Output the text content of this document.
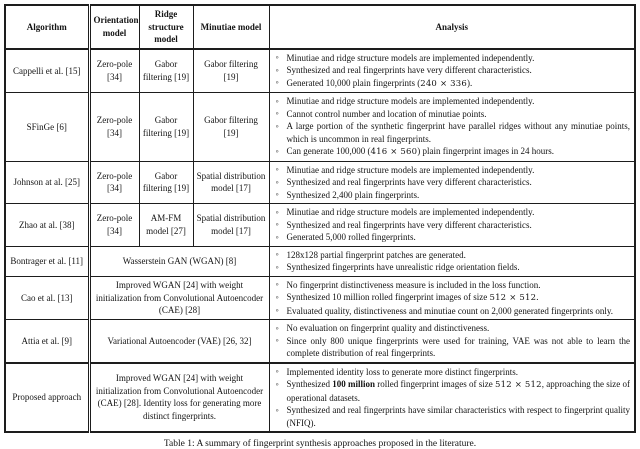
Algorithm	Orientation model	Ridge structure model	Minutiae model	Analysis
Cappelli et al. [15]	Zero-pole [34]	Gabor filtering [19]	Gabor filtering [19]	
◦ Minutiae and ridge structure models are implemented independently.
◦ Synthesized and real fingerprints have very different characteristics.
◦ Generated 10,000 plain fingerprints (240 × 336).

SFinGe [6]	Zero-pole [34]	Gabor filtering [19]	Gabor filtering [19]	
◦ Minutiae and ridge structure models are implemented independently.
◦ Cannot control number and location of minutiae points.
◦ A large portion of the synthetic fingerprint have parallel ridges without any minutiae points, which is uncommon in real fingerprints.
◦ Can generate 100,000 (416 × 560) plain fingerprint images in 24 hours.

Johnson at al. [25]	Zero-pole [34]	Gabor filtering [19]	Spatial distribution model [17]	
◦ Minutiae and ridge structure models are implemented independently.
◦ Synthesized and real fingerprints have very different characteristics.
◦ Synthesized 2,400 plain fingerprints.

Zhao at al. [38]	Zero-pole [34]	AM-FM model [27]	Spatial distribution model [17]	
◦ Minutiae and ridge structure models are implemented independently.
◦ Synthesized and real fingerprints have very different characteristics.
◦ Generated 5,000 rolled fingerprints.

Bontrager et al. [11]	Wasserstein GAN (WGAN) [8]	
◦ 128x128 partial fingerprint patches are generated.
◦ Synthesized fingerprints have unrealistic ridge orientation fields.

Cao et al. [13]	Improved WGAN [24] with weight initialization from Convolutional Autoencoder (CAE) [28]	
◦ No fingerprint distinctiveness measure is included in the loss function.
◦ Synthesized 10 million rolled fingerprint images of size 512 × 512.
◦ Evaluated quality, distinctiveness and minutiae count on 2,000 generated fingerprints only.

Attia et al. [9]	Variational Autoencoder (VAE) [26, 32]	
◦ No evaluation on fingerprint quality and distinctiveness.
◦ Since only 800 unique fingerprints were used for training, VAE was not able to learn the complete distribution of real fingerprints.

Proposed approach	Improved WGAN [24] with weight initialization from Convolutional Autoencoder (CAE) [28]. Identity loss for generating more distinct fingerprints.	
◦ Implemented identity loss to generate more distinct fingerprints.
◦ Synthesized 100 million rolled fingerprint images of size 512 × 512, approaching the size of operational datasets.
◦ Synthesized and real fingerprints have similar characteristics with respect to fingerprint quality (NFIQ).
Table 1: A summary of fingerprint synthesis approaches proposed in the literature.
